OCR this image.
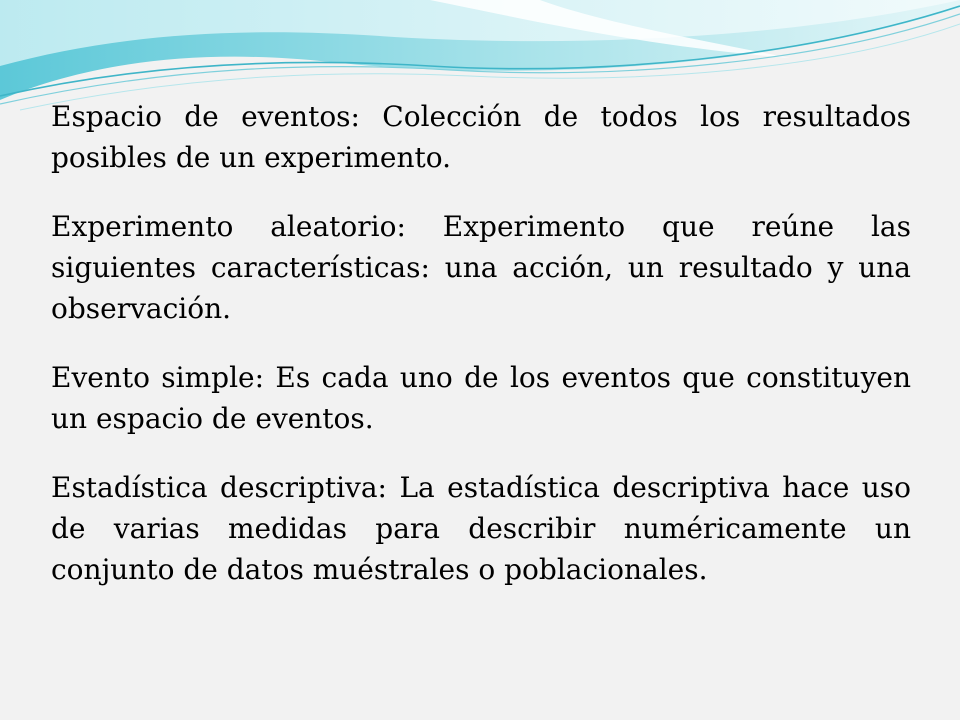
Espacio de eventos: Colección de todos los resultados posibles de un experimento.

Experimento aleatorio: Experimento que reúne las siguientes características: una acción, un resultado y una observación.

Evento simple: Es cada uno de los eventos que constituyen un espacio de eventos.

Estadística descriptiva: La estadística descriptiva hace uso de varias medidas para describir numéricamente un conjunto de datos muéstrales o poblacionales.
